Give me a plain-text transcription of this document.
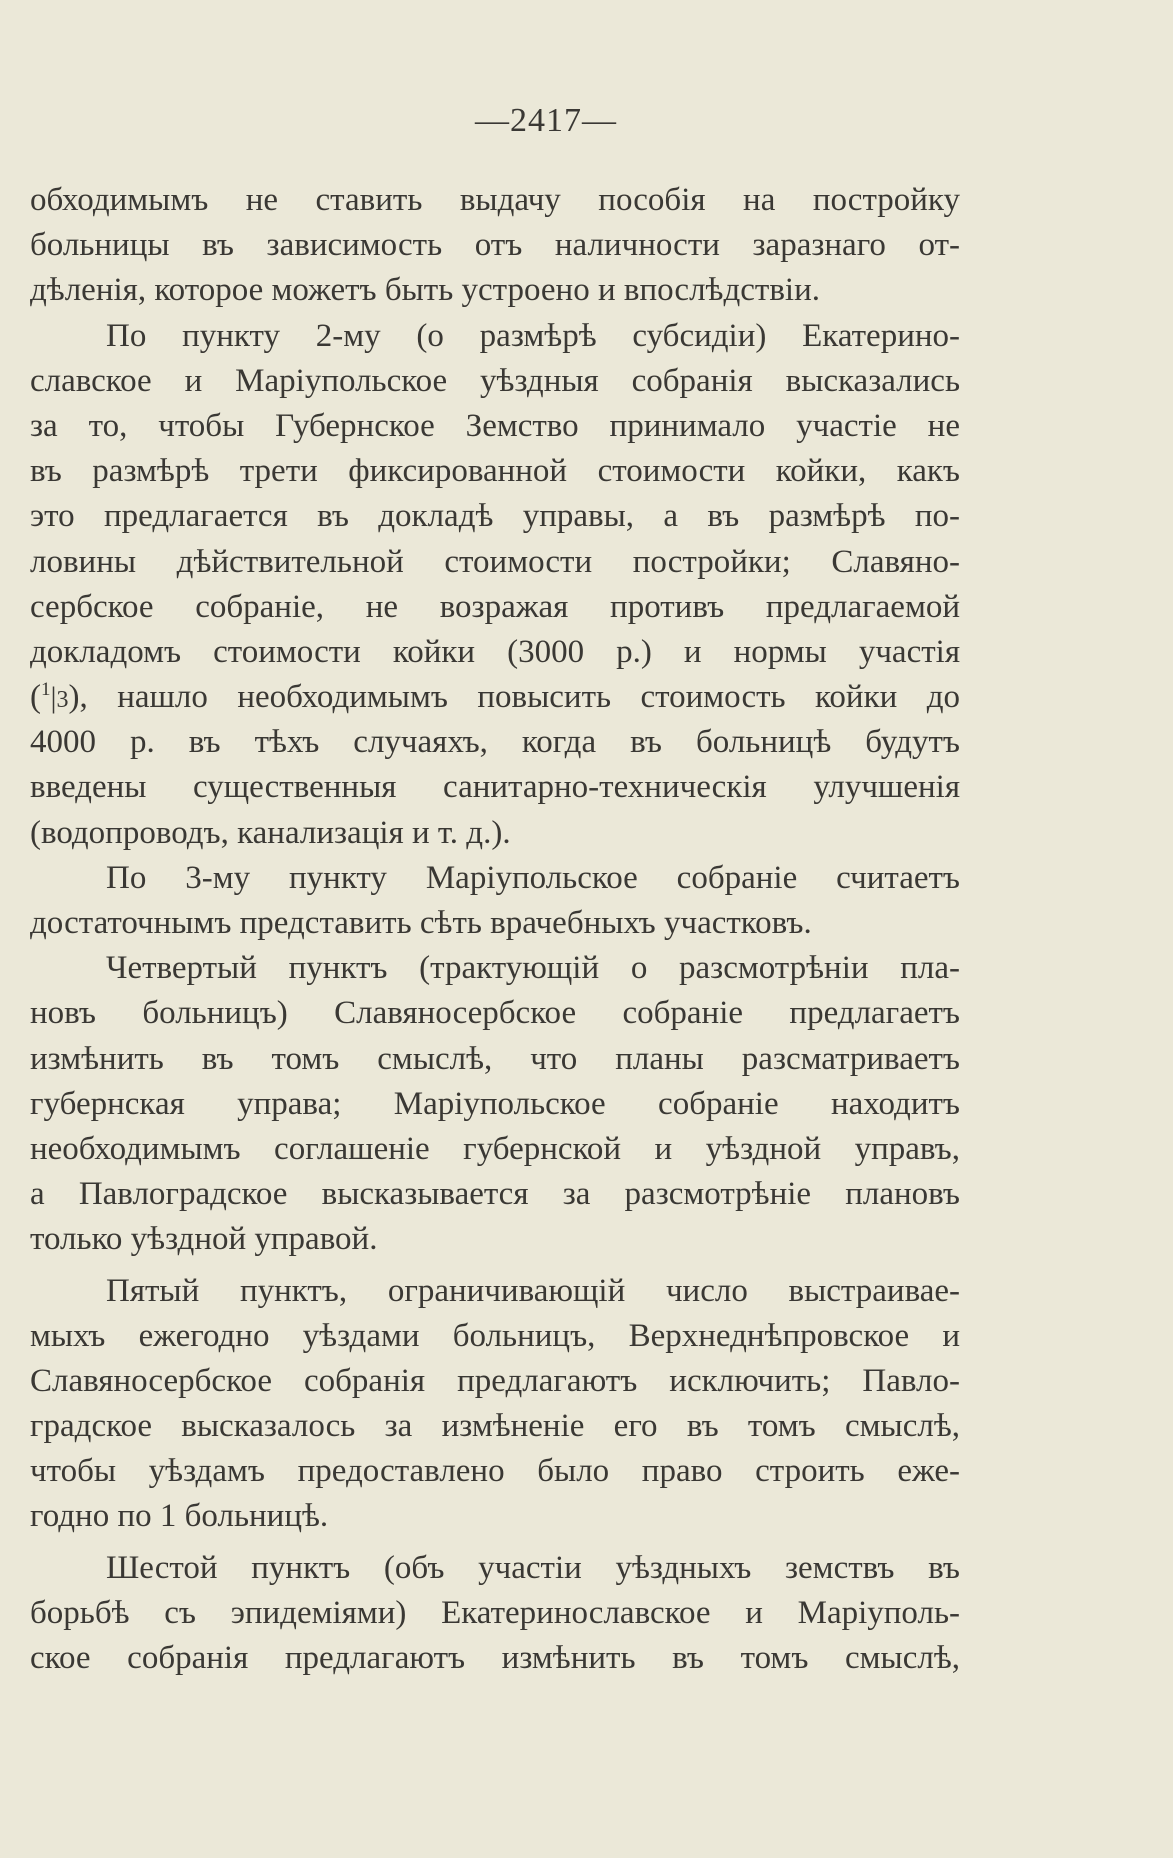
—2417—
обходимымъ не ставить выдачу пособія на постройку
больницы въ зависимость отъ наличности заразнаго от-
дѣленія, которое можетъ быть устроено и впослѣдствіи.
По пункту 2-му (о размѣрѣ субсидіи) Екатерино-
славское и Маріупольское уѣздныя собранія высказались
за то, чтобы Губернское Земство принимало участіе не
въ размѣрѣ трети фиксированной стоимости койки, какъ
это предлагается въ докладѣ управы, а въ размѣрѣ по-
ловины дѣйствительной стоимости постройки; Славяно-
сербское собраніе, не возражая противъ предлагаемой
докладомъ стоимости койки (3000 р.) и нормы участія
($^1$|3), нашло необходимымъ повысить стоимость койки до
4000 р. въ тѣхъ случаяхъ, когда въ больницѣ будутъ
введены существенныя санитарно-техническія улучшенія
(водопроводъ, канализація и т. д.).
По 3-му пункту Маріупольское собраніе считаетъ
достаточнымъ представить сѣть врачебныхъ участковъ.
Четвертый пунктъ (трактующій о разсмотрѣніи пла-
новъ больницъ) Славяносербское собраніе предлагаетъ
измѣнить въ томъ смыслѣ, что планы разсматриваетъ
губернская управа; Маріупольское собраніе находитъ
необходимымъ соглашеніе губернской и уѣздной управъ,
а Павлоградское высказывается за разсмотрѣніе плановъ
только уѣздной управой.
Пятый пунктъ, ограничивающій число выстраивае-
мыхъ ежегодно уѣздами больницъ, Верхнеднѣпровское и
Славяносербское собранія предлагаютъ исключить; Павло-
градское высказалось за измѣненіе его въ томъ смыслѣ,
чтобы уѣздамъ предоставлено было право строить еже-
годно по 1 больницѣ.
Шестой пунктъ (объ участіи уѣздныхъ земствъ въ
борьбѣ съ эпидеміями) Екатеринославское и Маріуполь-
ское собранія предлагаютъ измѣнить въ томъ смыслѣ,
